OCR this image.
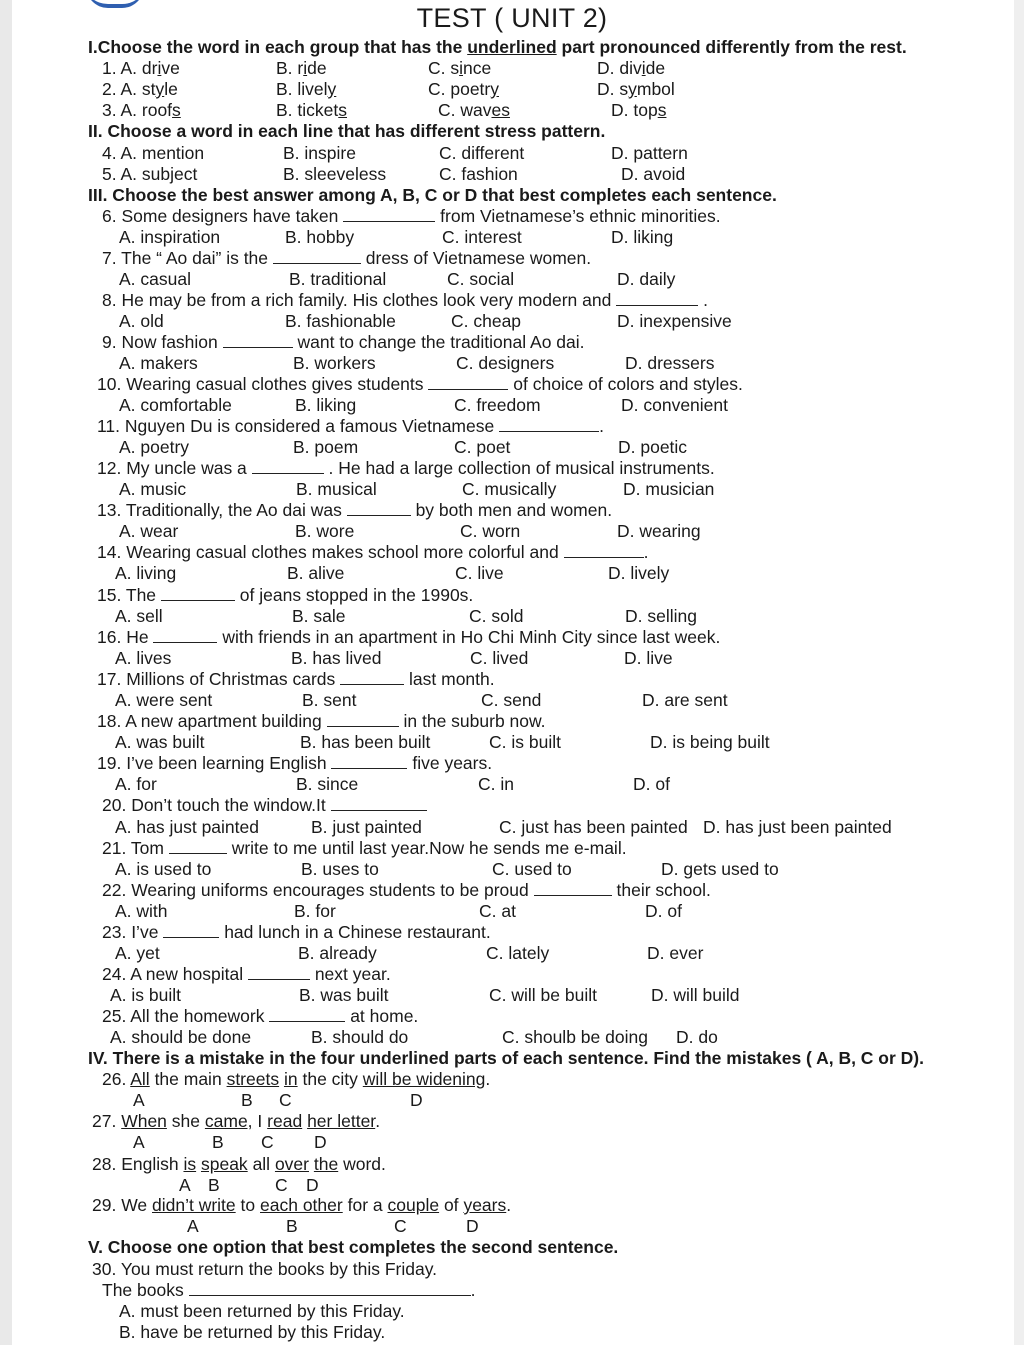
TEST ( UNIT 2)
I.Choose the word in each group that has the underlined part pronounced differently from the rest.
1. A. drive	B. ride	C. since	D. divide
2. A. style	B. lively	C. poetry	D. symbol
3. A. roofs	B. tickets	C. waves	D. tops
II. Choose a word in each line that has different stress pattern.
4. A. mention	B. inspire	C. different	D. pattern
5. A. subject	B. sleeveless	C. fashion	D. avoid
III. Choose the best answer among A, B, C or D that best completes each sentence.
6. Some designers have taken	from Vietnamese’s ethnic minorities.
A. inspiration	B. hobby	C. interest	D. liking
7. The “ Ao dai” is the	dress of Vietnamese women.
A. casual	B. traditional	C. social	D. daily
8. He may be from a rich family. His clothes look very modern and	.
A. old	B. fashionable	C. cheap	D. inexpensive
9. Now fashion	want to change the traditional Ao dai.
A. makers	B. workers	C. designers	D. dressers
10. Wearing casual clothes gives students	of choice of colors and styles.
A. comfortable	B. liking	C. freedom	D. convenient
11. Nguyen Du is considered a famous Vietnamese	.
A. poetry	B. poem	C. poet	D. poetic
12. My uncle was a	. He had a large collection of musical instruments.
A. music	B. musical	C. musically	D. musician
13. Traditionally, the Ao dai was	by both men and women.
A. wear	B. wore	C. worn	D. wearing
14. Wearing casual clothes makes school more colorful and	.
A. living	B. alive	C. live	D. lively
15. The	of jeans stopped in the 1990s.
A. sell	B. sale	C. sold	D. selling
16. He	with friends in an apartment in Ho Chi Minh City since last week.
A. lives	B. has lived	C. lived	D. live
17. Millions of Christmas cards	last month.
A. were sent	B. sent	C. send	D. are sent
18. A new apartment building	in the suburb now.
A. was built	B. has been built	C. is built	D. is being built
19. I’ve been learning English	five years.
A. for	B. since	C. in	D. of
20. Don’t touch the window.It
A. has just painted	B. just painted	C. just has been painted D. has just been painted
21. Tom	write to me until last year.Now he sends me e-mail.
A. is used to	B. uses to	C. used to	D. gets used to
22. Wearing uniforms encourages students to be proud	their school.
A. with	B. for	C. at	D. of
23. I’ve	had lunch in a Chinese restaurant.
A. yet	B. already	C. lately	D. ever
24. A new hospital	next year.
A. is built	B. was built	C. will be built	D. will build
25. All the homework	at home.
A. should be done	B. should do	C. shoulb be doing D. do
IV. There is a mistake in the four underlined parts of each sentence. Find the mistakes ( A, B, C or D).
26. All the main streets in the city will be widening.
A	B C	D
27. When she came, I read her letter.
A	B C D
28. English is speak all over the word.
A B	C D
29. We didn’t write to each other for a couple of years.
A	B	C	D
V. Choose one option that best completes the second sentence.
30. You must return the books by this Friday.
The books	.
A. must been returned by this Friday.
B. have be returned by this Friday.
